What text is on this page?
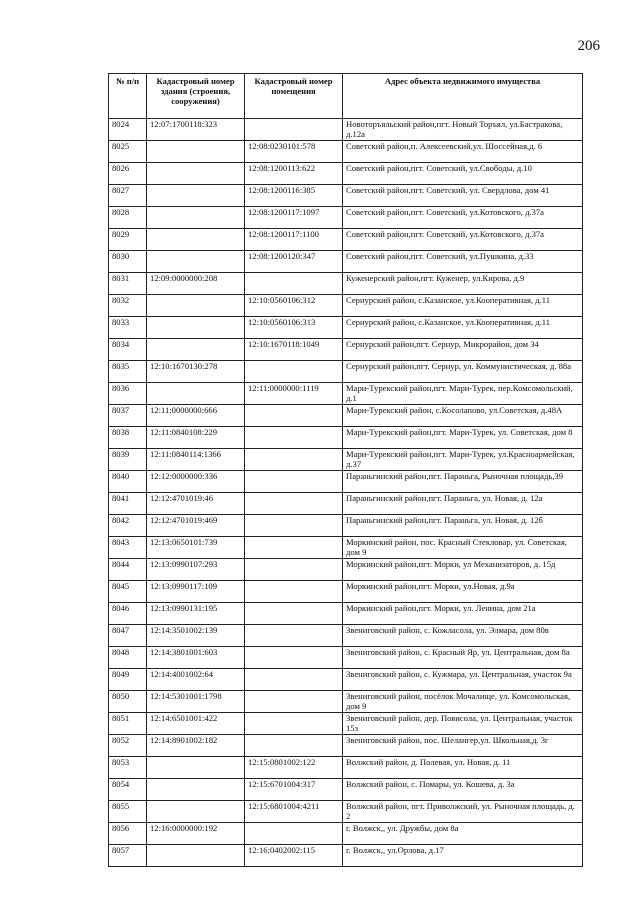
206
№ п/п	Кадастровый номер здания (строения, сооружения)	Кадастровый номер помещения	Адрес объекта недвижимого имущества
8024	12:07:1700118:323		Новоторъяльский район,пгт. Новый Торъял, ул.Бастракова, д.12а
8025		12:08:0230101:578	Советский район,п. Алексеевский,ул. Шоссейная,д. 6
8026		12:08:1200113:622	Советский район,пгт. Советский, ул.Свободы, д.10
8027		12:08:1200116:385	Советский район,пгт. Советский, ул. Свердлова, дом 41
8028		12:08:1200117:1097	Советский район,пгт. Советский, ул.Котовского, д.37а
8029		12:08:1200117:1100	Советский район,пгт. Советский, ул.Котовского, д.37а
8030		12:08:1200120:347	Советский район,пгт. Советский, ул.Пушкина, д.33
8031	12:09:0000000:208		Куженерский район,пгт. Куженер, ул.Кирова, д.9
8032		12:10:0560106:312	Сернурский район, с.Казанское, ул.Кооперативная, д.11
8033		12:10:0560106:313	Сернурский район, с.Казанское, ул.Кооперативная, д.11
8034		12:10:1670118:1049	Сернурский район,пгт. Сернур, Микрорайон, дом 34
8035	12:10:1670130:278		Сернурский район,пгт. Сернур, ул. Коммунистическая, д. 88а
8036		12:11:0000000:1119	Мари-Турекский район,пгт. Мари-Турек, пер.Комсомольский, д.1
8037	12:11:0000000:666		Мари-Турекский район, с.Косолапово, ул.Советская, д.48А
8038	12:11:0840108:229		Мари-Турекский район,пгт. Мари-Турек, ул. Советская, дом 8
8039	12:11:0840114:1366		Мари-Турекский район,пгт. Мари-Турек, ул.Красноармейская, д.37
8040	12:12:0000000:336		Параньгинский район,пгт. Параньга, Рыночная площадь,39
8041	12:12:4701019:46		Параньгинский район,пгт. Параньга, ул. Новая, д. 12а
8042	12:12:4701019:469		Параньгинский район,пгт. Параньга, ул. Новая, д. 12б
8043	12:13:0650101:739		Моркинский район, пос. Красный Стекловар, ул. Советская, дом 9
8044	12:13:0990107:293		Моркинский район,пгт. Морки, ул Механизаторов, д. 15д
8045	12:13:0990117:109		Моркинский район,пгт. Морки, ул.Новая, д.9а
8046	12:13:0990131:195		Моркинский район,пгт. Морки, ул. Ленина, дом 21а
8047	12:14:3501002:139		Звениговский район, с. Кожласола, ул. Элмара, дом 80в
8048	12:14:3801001:603		Звениговский район, с. Красный Яр, ул. Центральная, дом 8а
8049	12:14:4001002:64		Звениговский район, с. Кужмара, ул. Центральная, участок 9а
8050	12:14:5301001:1798		Звениговский район, посёлок Мочалище, ул. Комсомольская, дом 9
8051	12:14:6501001:422		Звениговский район, дер. Пояисола, ул. Центральная, участок 15з
8052	12:14:8901002:182		Звениговский район, пос. Шелангер,ул. Школьная,д. 3г
8053		12:15:0801002:122	Волжский район, д. Полевая, ул. Новая, д. 11
8054		12:15:6701004:317	Волжский район, с. Помары, ул. Кошева, д. 3а
8055		12:15:6801004:4211	Волжский район, пгт. Приволжский, ул. Рыночная площадь, д. 2
8056	12:16:0000000:192		г. Волжск,, ул. Дружбы, дом 8а
8057		12:16:0402002:115	г. Волжск,, ул.Орлова, д.17
